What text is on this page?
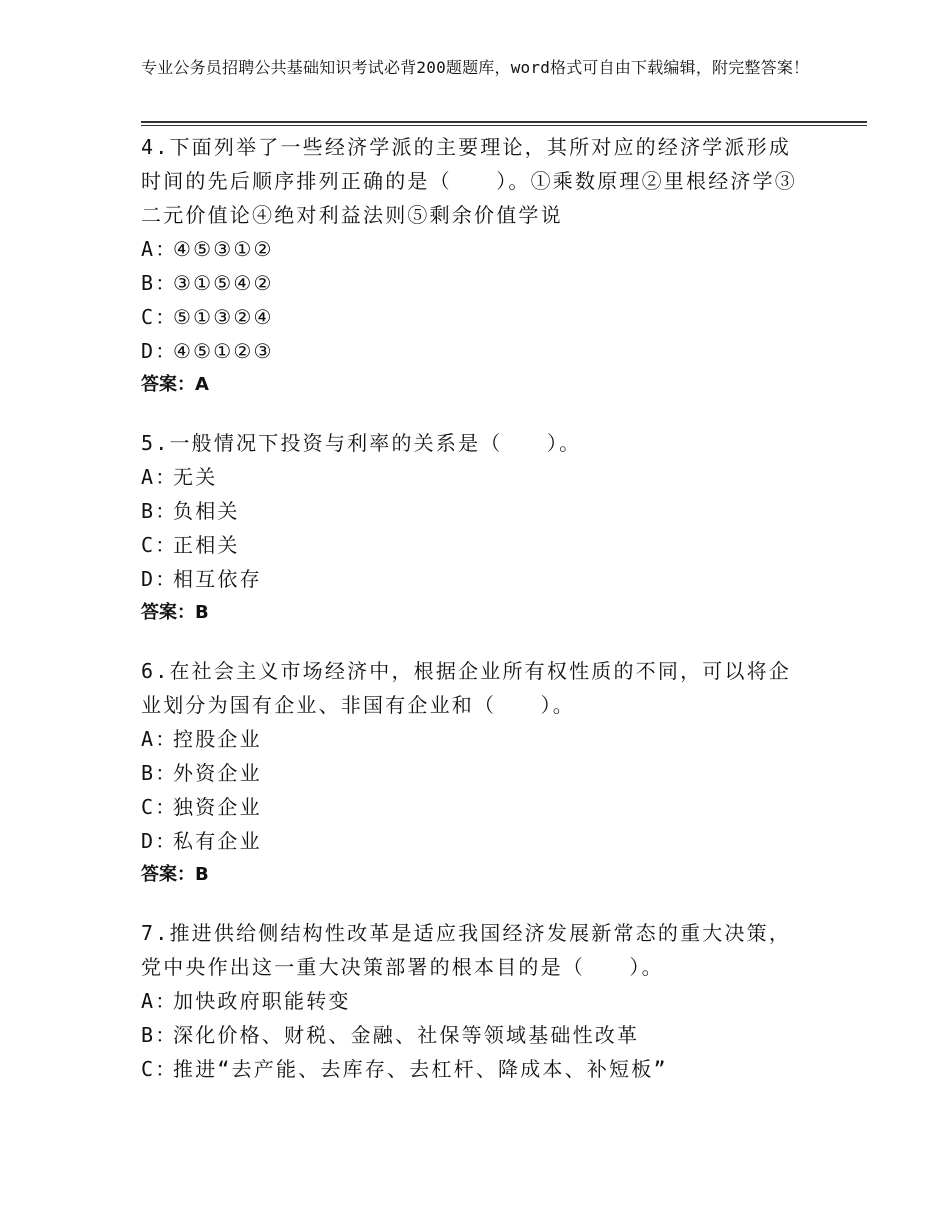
专业公务员招聘公共基础知识考试必背200题题库，word格式可自由下载编辑，附完整答案！

4.下面列举了一些经济学派的主要理论，其所对应的经济学派形成时间的先后顺序排列正确的是（　　）。①乘数原理②里根经济学③二元价值论④绝对利益法则⑤剩余价值学说

A：④⑤③①②
B：③①⑤④②
C：⑤①③②④
D：④⑤①②③
答案：A

5.一般情况下投资与利率的关系是（　　）。

A：无关
B：负相关
C：正相关
D：相互依存
答案：B

6.在社会主义市场经济中，根据企业所有权性质的不同，可以将企业划分为国有企业、非国有企业和（　　）。

A：控股企业
B：外资企业
C：独资企业
D：私有企业
答案：B

7.推进供给侧结构性改革是适应我国经济发展新常态的重大决策，党中央作出这一重大决策部署的根本目的是（　　）。

A：加快政府职能转变
B：深化价格、财税、金融、社保等领域基础性改革
C：推进“去产能、去库存、去杠杆、降成本、补短板”
